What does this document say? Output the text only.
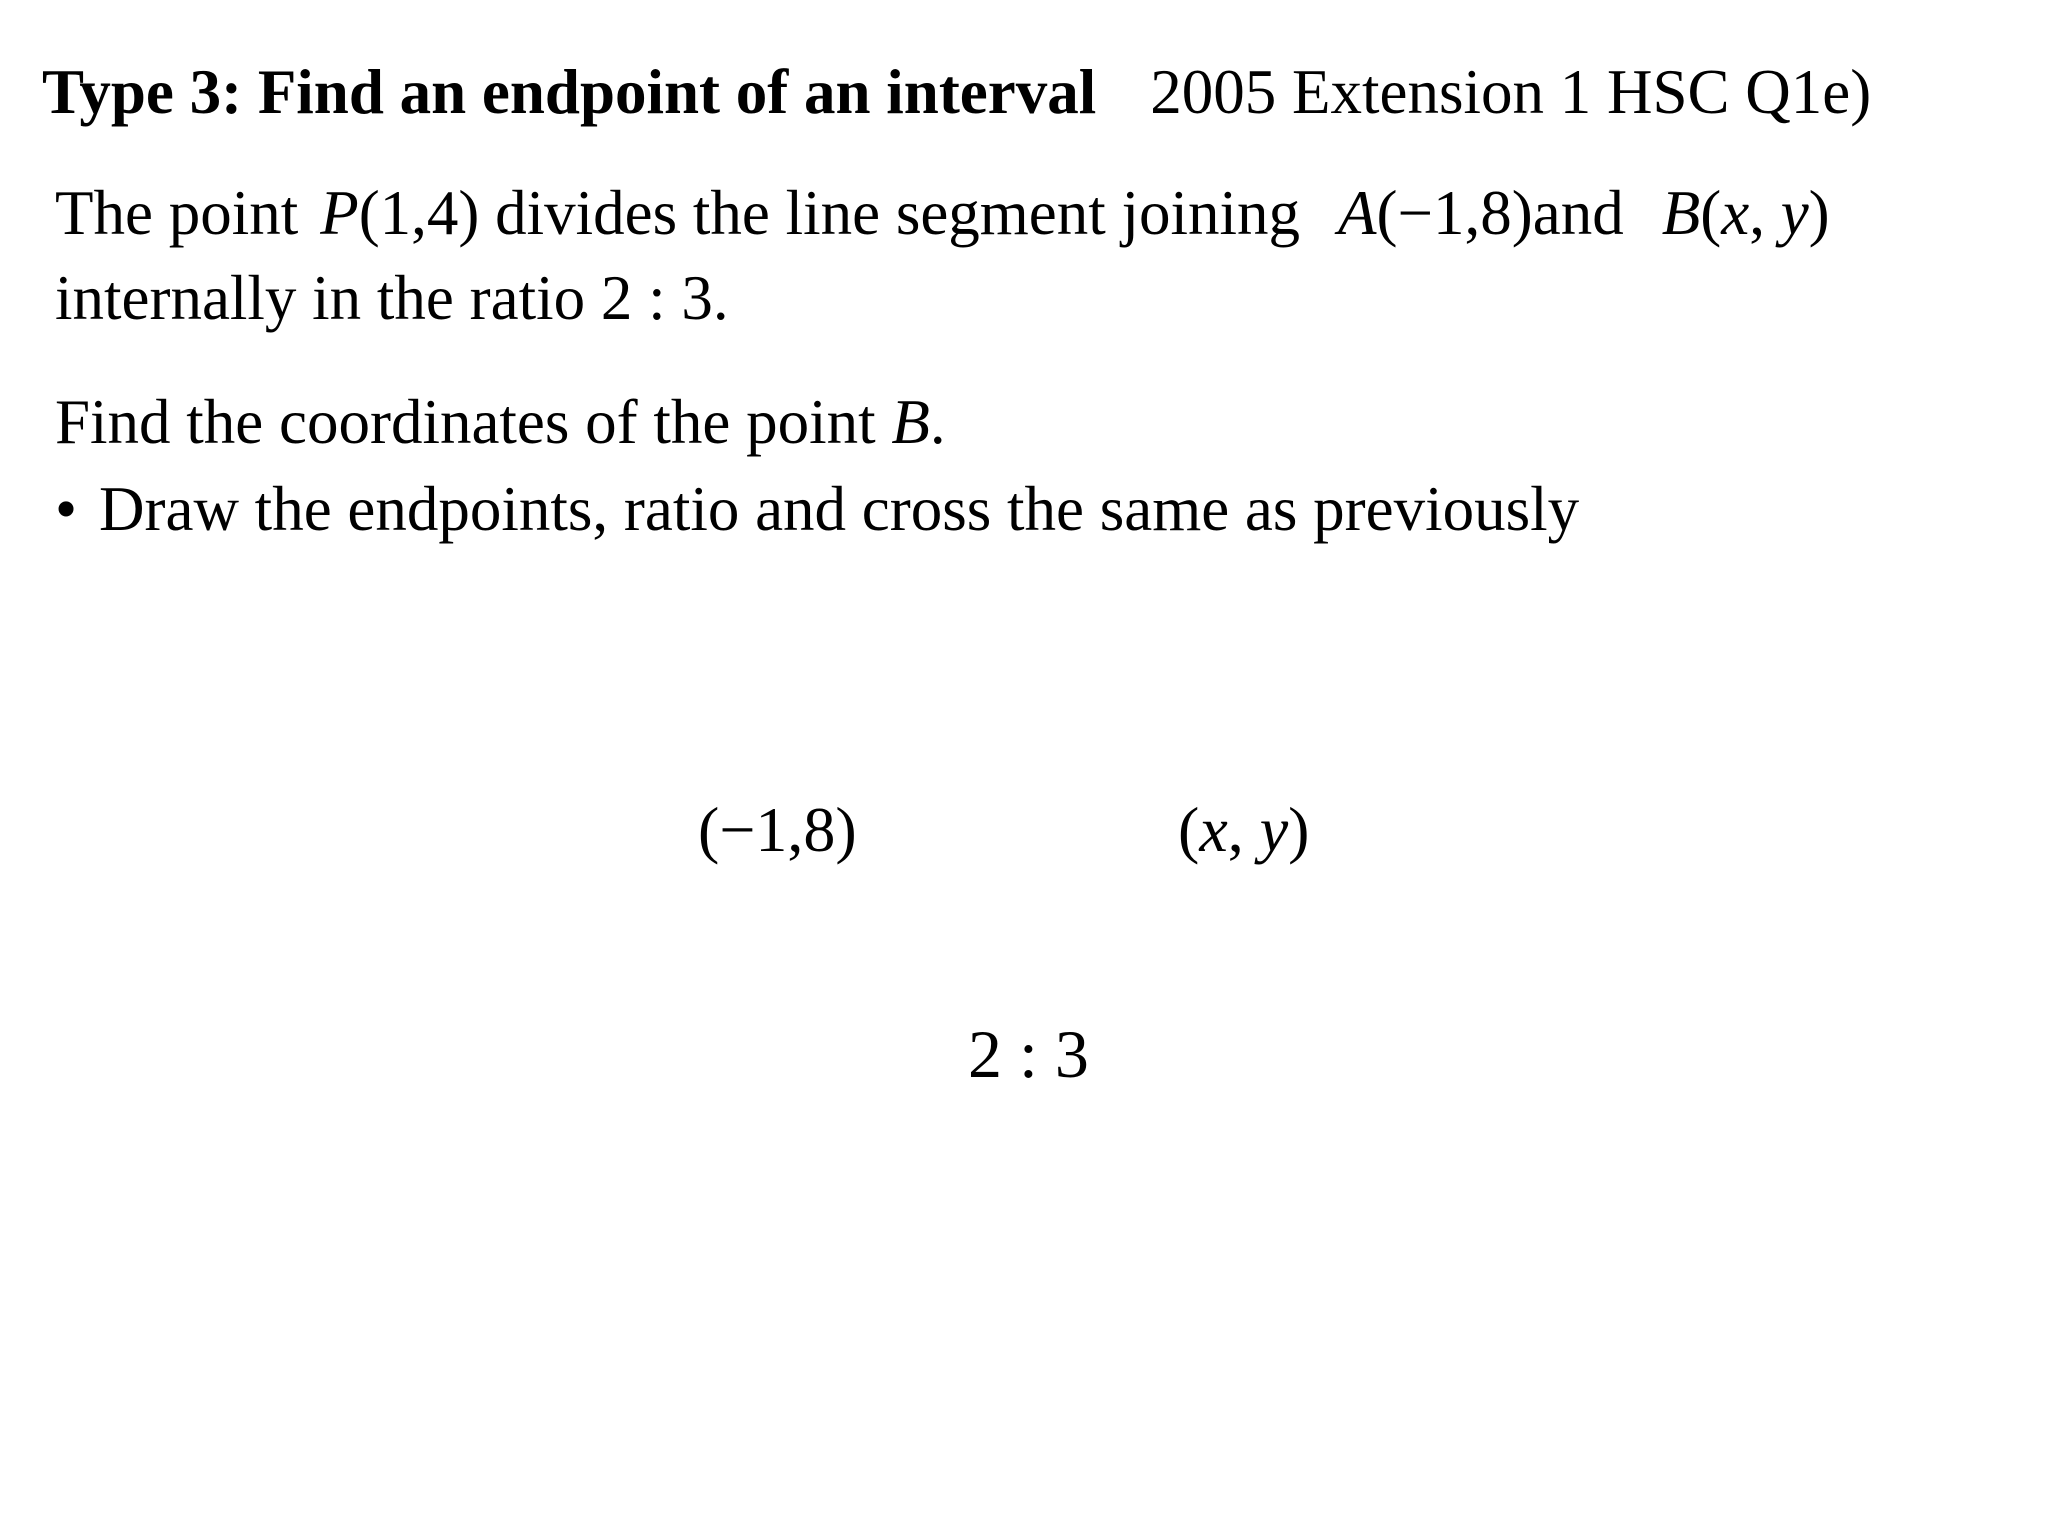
Type 3: Find an endpoint of an interval 2005 Extension 1 HSC Q1e)
The point P(1,4) divides the line segment joining A(−1,8)and B(x, y)
internally in the ratio 2 : 3.
Find the coordinates of the point B.
• Draw the endpoints, ratio and cross the same as previously
(−1,8)	(x, y)
2 : 3
